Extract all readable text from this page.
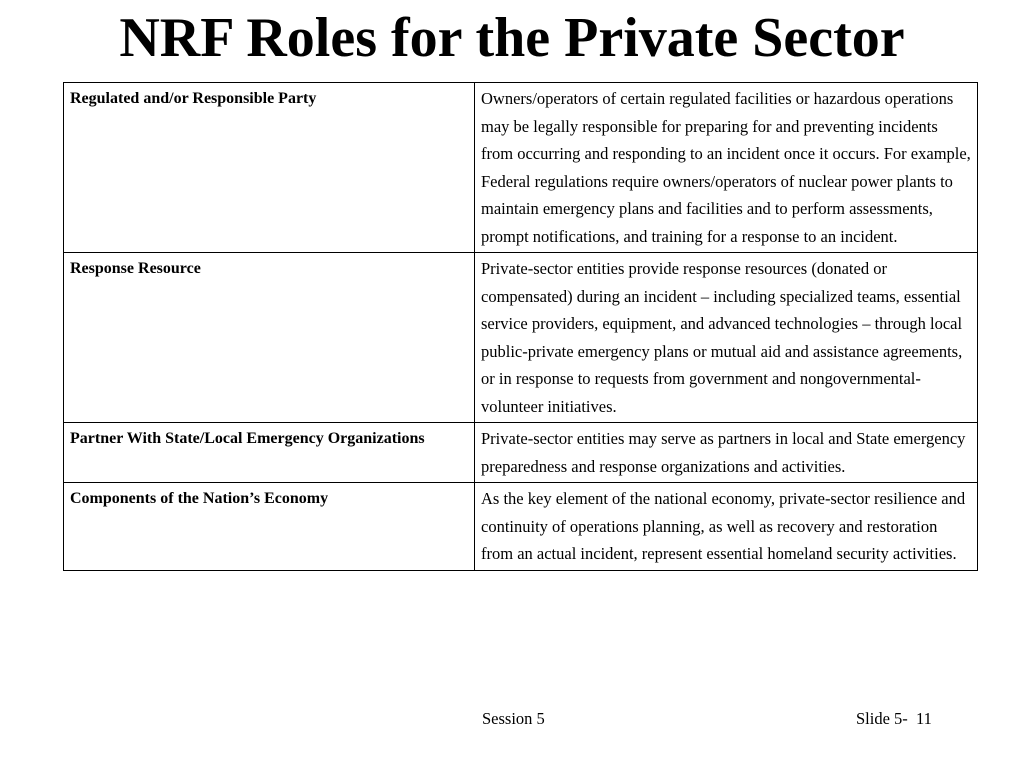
NRF Roles for the Private Sector
Regulated and/or Responsible Party	Owners/operators of certain regulated facilities or hazardous operations may be legally responsible for preparing for and preventing incidents from occurring and responding to an incident once it occurs. For example, Federal regulations require owners/operators of nuclear power plants to maintain emergency plans and facilities and to perform assessments, prompt notifications, and training for a response to an incident.
Response Resource	Private-sector entities provide response resources (donated or compensated) during an incident – including specialized teams, essential service providers, equipment, and advanced technologies – through local public-private emergency plans or mutual aid and assistance agreements, or in response to requests from government and nongovernmental-volunteer initiatives.
Partner With State/Local Emergency Organizations	Private-sector entities may serve as partners in local and State emergency preparedness and response organizations and activities.
Components of the Nation’s Economy	As the key element of the national economy, private-sector resilience and continuity of operations planning, as well as recovery and restoration from an actual incident, represent essential homeland security activities.
Session 5	Slide 5-  11
